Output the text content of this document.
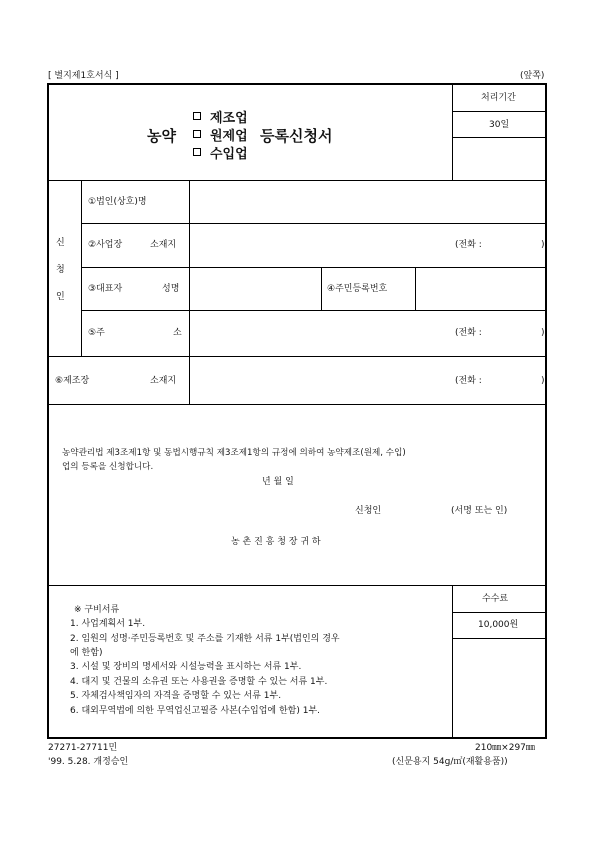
[ 별지제1호서식 ]	(앞쪽)
농약
제조업
원제업 등록신청서
수입업
처리기간
30일
신
청
인
①법인(상호)명
②사업장	소재지	(전화 :	)
③대표자	성명	④주민등록번호
⑤주	소	(전화 :	)
⑥제조장	소재지	(전화 :	)
농약관리법 제3조제1항 및 동법시행규칙 제3조제1항의 규정에 의하여 농약제조(원제, 수입)
업의 등록을 신청합니다.
년 월 일
신청인	(서명 또는 인)
농 촌 진 흥 청 장 귀 하
수수료
10,000원
※ 구비서류
1. 사업계획서 1부.
2. 임원의 성명·주민등록번호 및 주소를 기재한 서류 1부(법인의 경우
에 한함)
3. 시설 및 장비의 명세서와 시설능력을 표시하는 서류 1부.
4. 대지 및 건물의 소유권 또는 사용권을 증명할 수 있는 서류 1부.
5. 자체검사책임자의 자격을 증명할 수 있는 서류 1부.
6. 대외무역법에 의한 무역업신고필증 사본(수입업에 한함) 1부.
27271-27711민
'99. 5.28. 개정승인
210㎜×297㎜
(신문용지 54g/㎡(재활용품))
